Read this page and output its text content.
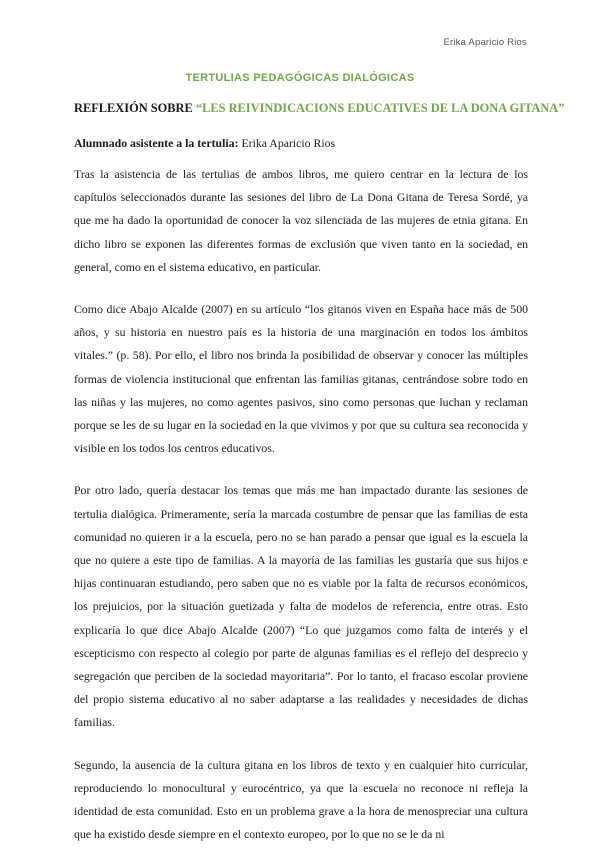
Erika Aparicio Rios
TERTULIAS PEDAGÓGICAS DIALÓGICAS
REFLEXIÓN SOBRE “LES REIVINDICACIONS EDUCATIVES DE LA DONA GITANA”
Alumnado asistente a la tertulia: Erika Aparicio Rios

Tras la asistencia de las tertulias de ambos libros, me quiero centrar en la lectura de los capítulos seleccionados durante las sesiones del libro de La Dona Gitana de Teresa Sordé, ya que me ha dado la oportunidad de conocer la voz silenciada de las mujeres de etnia gitana. En dicho libro se exponen las diferentes formas de exclusión que viven tanto en la sociedad, en general, como en el sistema educativo, en particular.

Como dice Abajo Alcalde (2007) en su artículo “los gitanos viven en España hace más de 500 años, y su historia en nuestro país es la historia de una marginación en todos los ámbitos vitales.” (p. 58). Por ello, el libro nos brinda la posibilidad de observar y conocer las múltiples formas de violencia institucional que enfrentan las familias gitanas, centrándose sobre todo en las niñas y las mujeres, no como agentes pasivos, sino como personas que luchan y reclaman porque se les de su lugar en la sociedad en la que vivimos y por que su cultura sea reconocida y visible en los todos los centros educativos.

Por otro lado, quería destacar los temas que más me han impactado durante las sesiones de tertulia dialógica. Primeramente, sería la marcada costumbre de pensar que las familias de esta comunidad no quieren ir a la escuela, pero no se han parado a pensar que igual es la escuela la que no quiere a este tipo de familias. A la mayoría de las familias les gustaría que sus hijos e hijas continuaran estudiando, pero saben que no es viable por la falta de recursos económicos, los prejuicios, por la situación guetizada y falta de modelos de referencia, entre otras. Esto explicaría lo que dice Abajo Alcalde (2007) “Lo que juzgamos como falta de interés y el escepticismo con respecto al colegio por parte de algunas familias es el reflejo del desprecio y segregación que perciben de la sociedad mayoritaria”. Por lo tanto, el fracaso escolar proviene del propio sistema educativo al no saber adaptarse a las realidades y necesidades de dichas familias.

Segundo, la ausencia de la cultura gitana en los libros de texto y en cualquier hito curricular, reproduciendo lo monocultural y eurocéntrico, ya que la escuela no reconoce ni refleja la identidad de esta comunidad. Esto en un problema grave a la hora de menospreciar una cultura que ha existido desde siempre en el contexto europeo, por lo que no se le da ni
